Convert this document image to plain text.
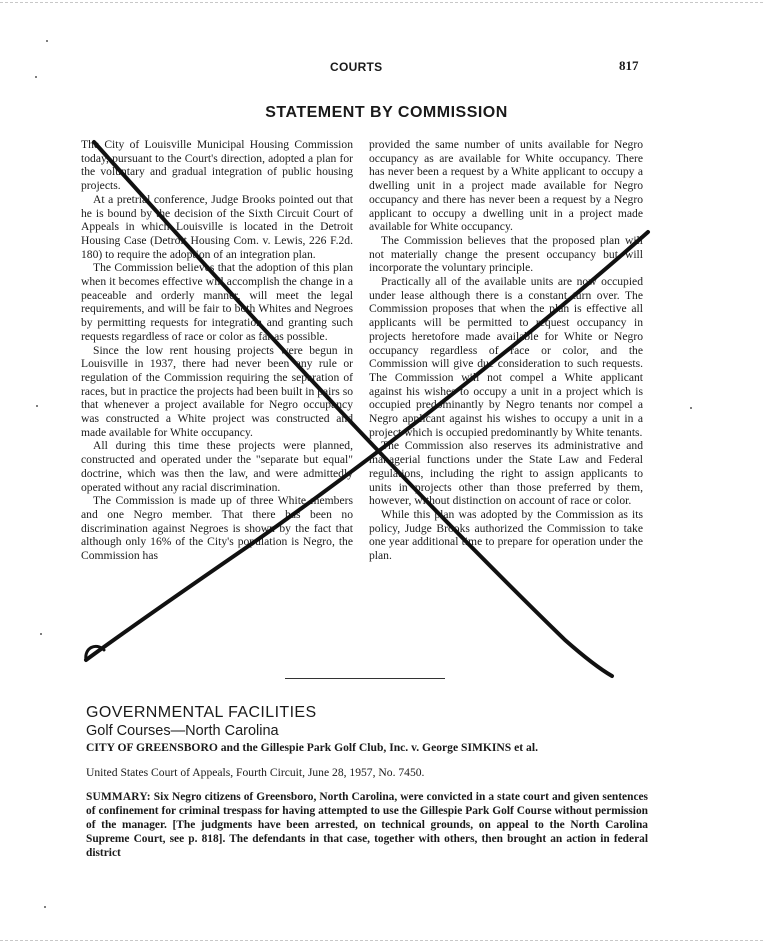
COURTS	817
STATEMENT BY COMMISSION

The City of Louisville Municipal Housing Commission today, pursuant to the Court's direction, adopted a plan for the voluntary and gradual integration of public housing projects.

At a pretrial conference, Judge Brooks pointed out that he is bound by the decision of the Sixth Circuit Court of Appeals in which Louisville is located in the Detroit Housing Case (Detroit Housing Com. v. Lewis, 226 F.2d. 180) to require the adoption of an integration plan.

The Commission believes that the adoption of this plan when it becomes effective will accomplish the change in a peaceable and orderly manner, will meet the legal requirements, and will be fair to both Whites and Negroes by permitting requests for integration and granting such requests regardless of race or color as far as possible.

Since the low rent housing projects were begun in Louisville in 1937, there had never been any rule or regulation of the Commission requiring the separation of races, but in practice the projects had been built in pairs so that whenever a project available for Negro occupancy was constructed a White project was constructed and made available for White occupancy.

All during this time these projects were planned, constructed and operated under the "separate but equal" doctrine, which was then the law, and were admittedly operated without any racial discrimination.

The Commission is made up of three White members and one Negro member. That there has been no discrimination against Negroes is shown by the fact that although only 16% of the City's population is Negro, the Commission has

provided the same number of units available for Negro occupancy as are available for White occupancy. There has never been a request by a White applicant to occupy a dwelling unit in a project made available for Negro occupancy and there has never been a request by a Negro applicant to occupy a dwelling unit in a project made available for White occupancy.

The Commission believes that the proposed plan will not materially change the present occupancy but will incorporate the voluntary principle.

Practically all of the available units are now occupied under lease although there is a constant turn over. The Commission proposes that when the plan is effective all applicants will be permitted to request occupancy in projects heretofore made available for White or Negro occupancy regardless of race or color, and the Commission will give due consideration to such requests. The Commission will not compel a White applicant against his wishes to occupy a unit in a project which is occupied predominantly by Negro tenants nor compel a Negro applicant against his wishes to occupy a unit in a project which is occupied predominantly by White tenants.

The Commission also reserves its administrative and managerial functions under the State Law and Federal regulations, including the right to assign applicants to units in projects other than those preferred by them, however, without distinction on account of race or color.

While this plan was adopted by the Commission as its policy, Judge Brooks authorized the Commission to take one year additional time to prepare for operation under the plan.

GOVERNMENTAL FACILITIES
Golf Courses—North Carolina
CITY OF GREENSBORO and the Gillespie Park Golf Club, Inc. v. George SIMKINS et al.
United States Court of Appeals, Fourth Circuit, June 28, 1957, No. 7450.
SUMMARY: Six Negro citizens of Greensboro, North Carolina, were convicted in a state court and given sentences of confinement for criminal trespass for having attempted to use the Gillespie Park Golf Course without permission of the manager. [The judgments have been arrested, on technical grounds, on appeal to the North Carolina Supreme Court, see p. 818]. The defendants in that case, together with others, then brought an action in federal district
